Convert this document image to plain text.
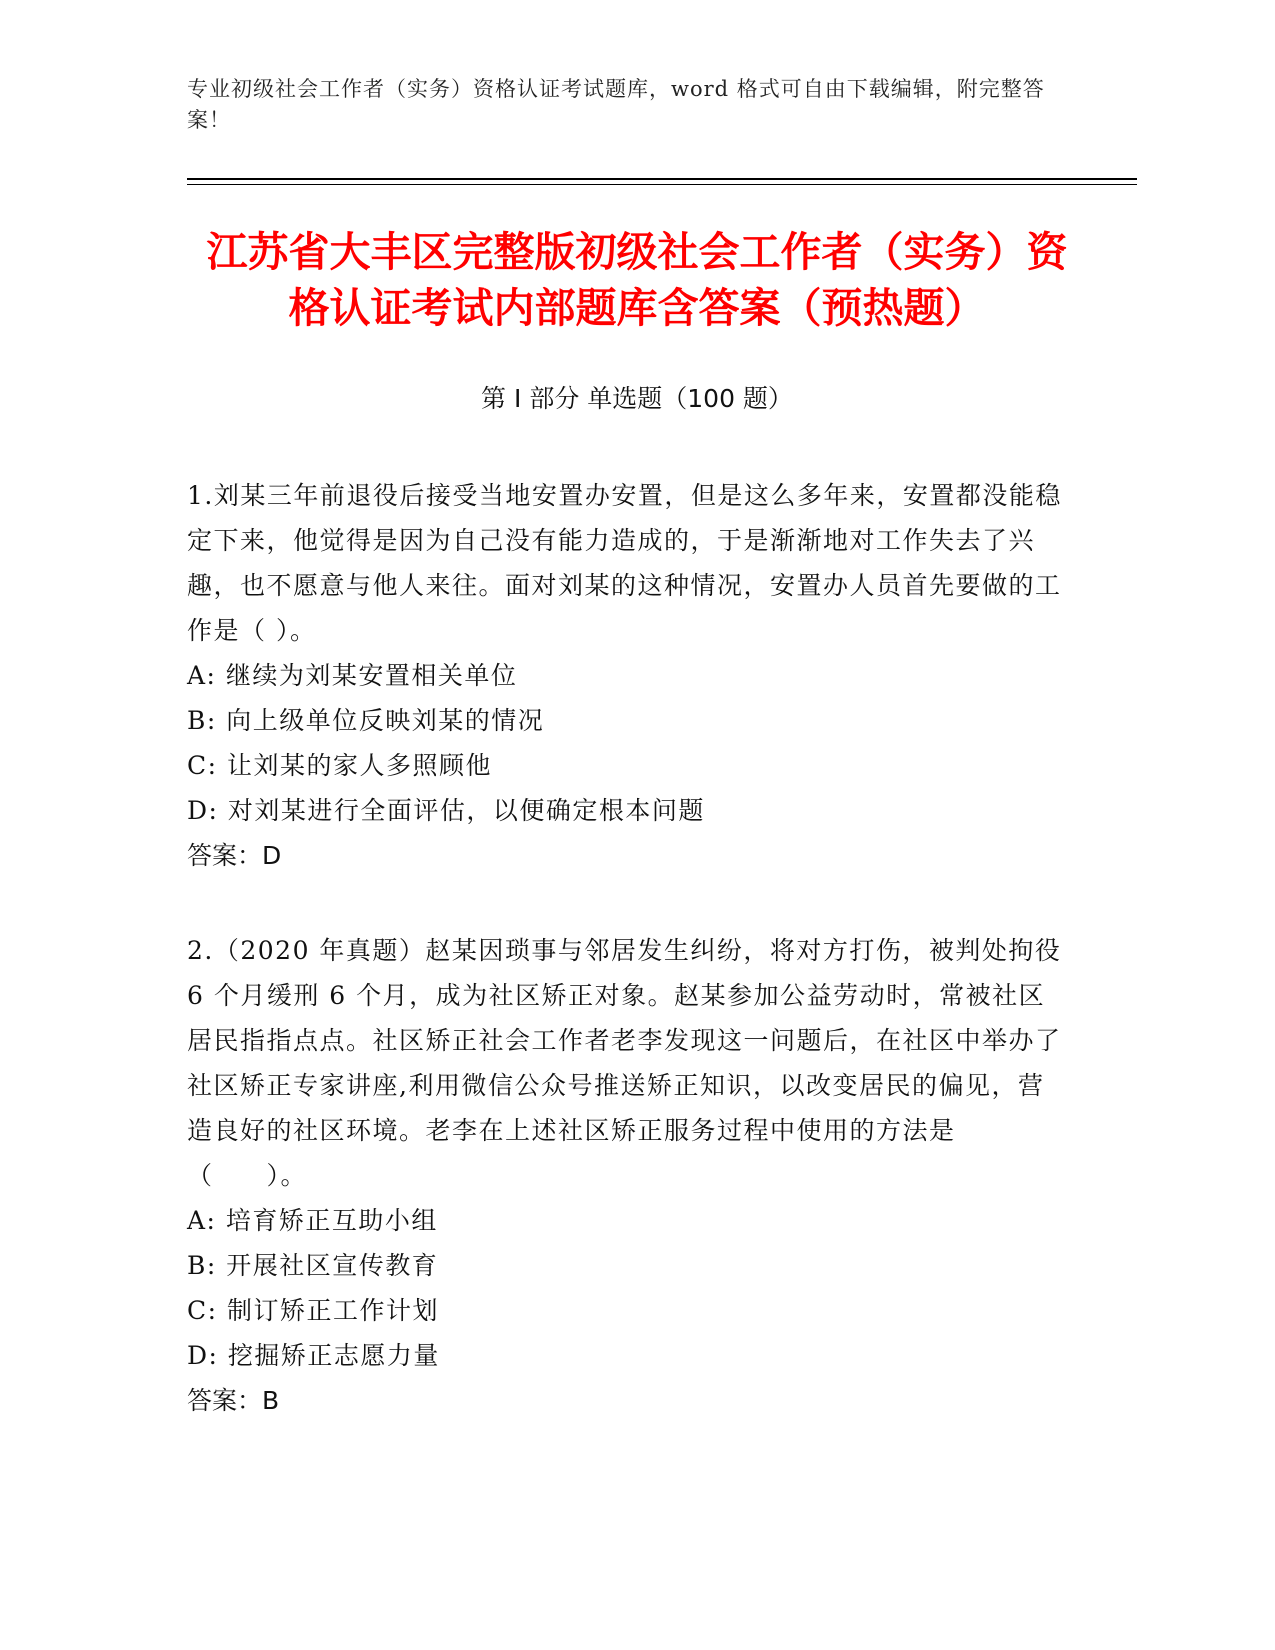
专业初级社会工作者（实务）资格认证考试题库，word 格式可自由下载编辑，附完整答案！
江苏省大丰区完整版初级社会工作者（实务）资格认证考试内部题库含答案（预热题）
第 I 部分 单选题（100 题）

1.刘某三年前退役后接受当地安置办安置，但是这么多年来，安置都没能稳定下来，他觉得是因为自己没有能力造成的，于是渐渐地对工作失去了兴趣，也不愿意与他人来往。面对刘某的这种情况，安置办人员首先要做的工作是（ ）。

A: 继续为刘某安置相关单位

B: 向上级单位反映刘某的情况

C: 让刘某的家人多照顾他

D: 对刘某进行全面评估，以便确定根本问题

答案：D

2.（2020 年真题）赵某因琐事与邻居发生纠纷，将对方打伤，被判处拘役 6 个月缓刑 6 个月，成为社区矫正对象。赵某参加公益劳动时，常被社区居民指指点点。社区矫正社会工作者老李发现这一问题后，在社区中举办了社区矫正专家讲座,利用微信公众号推送矫正知识，以改变居民的偏见，营造良好的社区环境。老李在上述社区矫正服务过程中使用的方法是（　　）。

A: 培育矫正互助小组

B: 开展社区宣传教育

C: 制订矫正工作计划

D: 挖掘矫正志愿力量

答案：B
